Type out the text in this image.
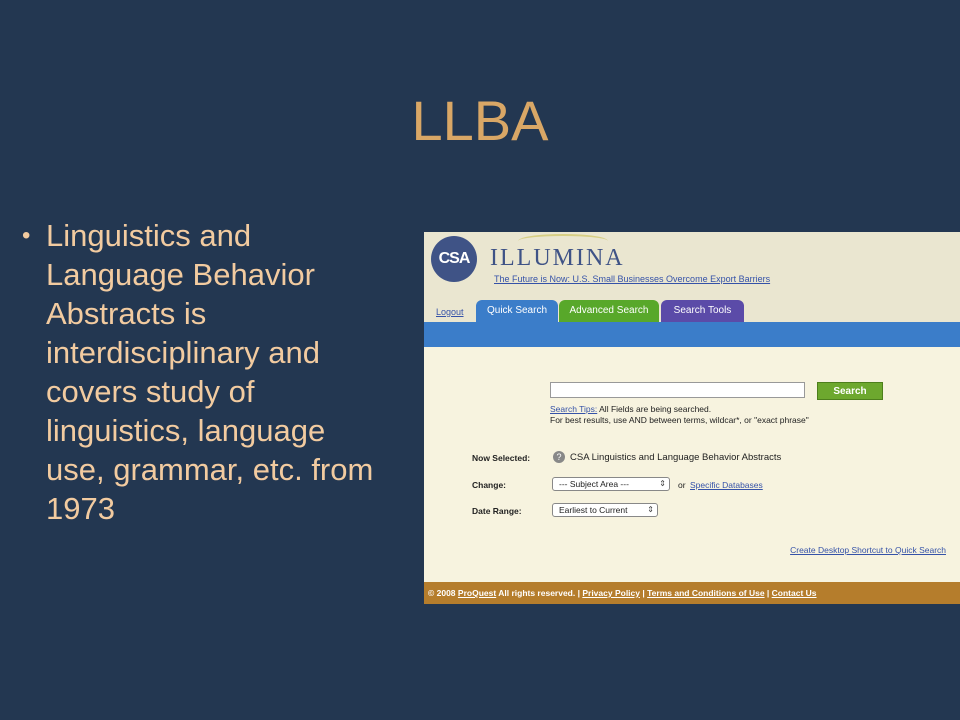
LLBA
• Linguistics and Language Behavior Abstracts is interdisciplinary and covers study of linguistics, language use, grammar, etc. from 1973
CSA ILLUMINA
The Future is Now: U.S. Small Businesses Overcome Export Barriers
Logout	Quick Search	Advanced Search	Search Tools
Search
Search Tips: All Fields are being searched.
For best results, use AND between terms, wildcar*, or "exact phrase"
Now Selected:	? CSA Linguistics and Language Behavior Abstracts
Change:	--- Subject Area ---	⇕ or Specific Databases
Date Range:	Earliest to Current ⇕
Create Desktop Shortcut to Quick Search
© 2008 ProQuest All rights reserved. | Privacy Policy | Terms and Conditions of Use | Contact Us
